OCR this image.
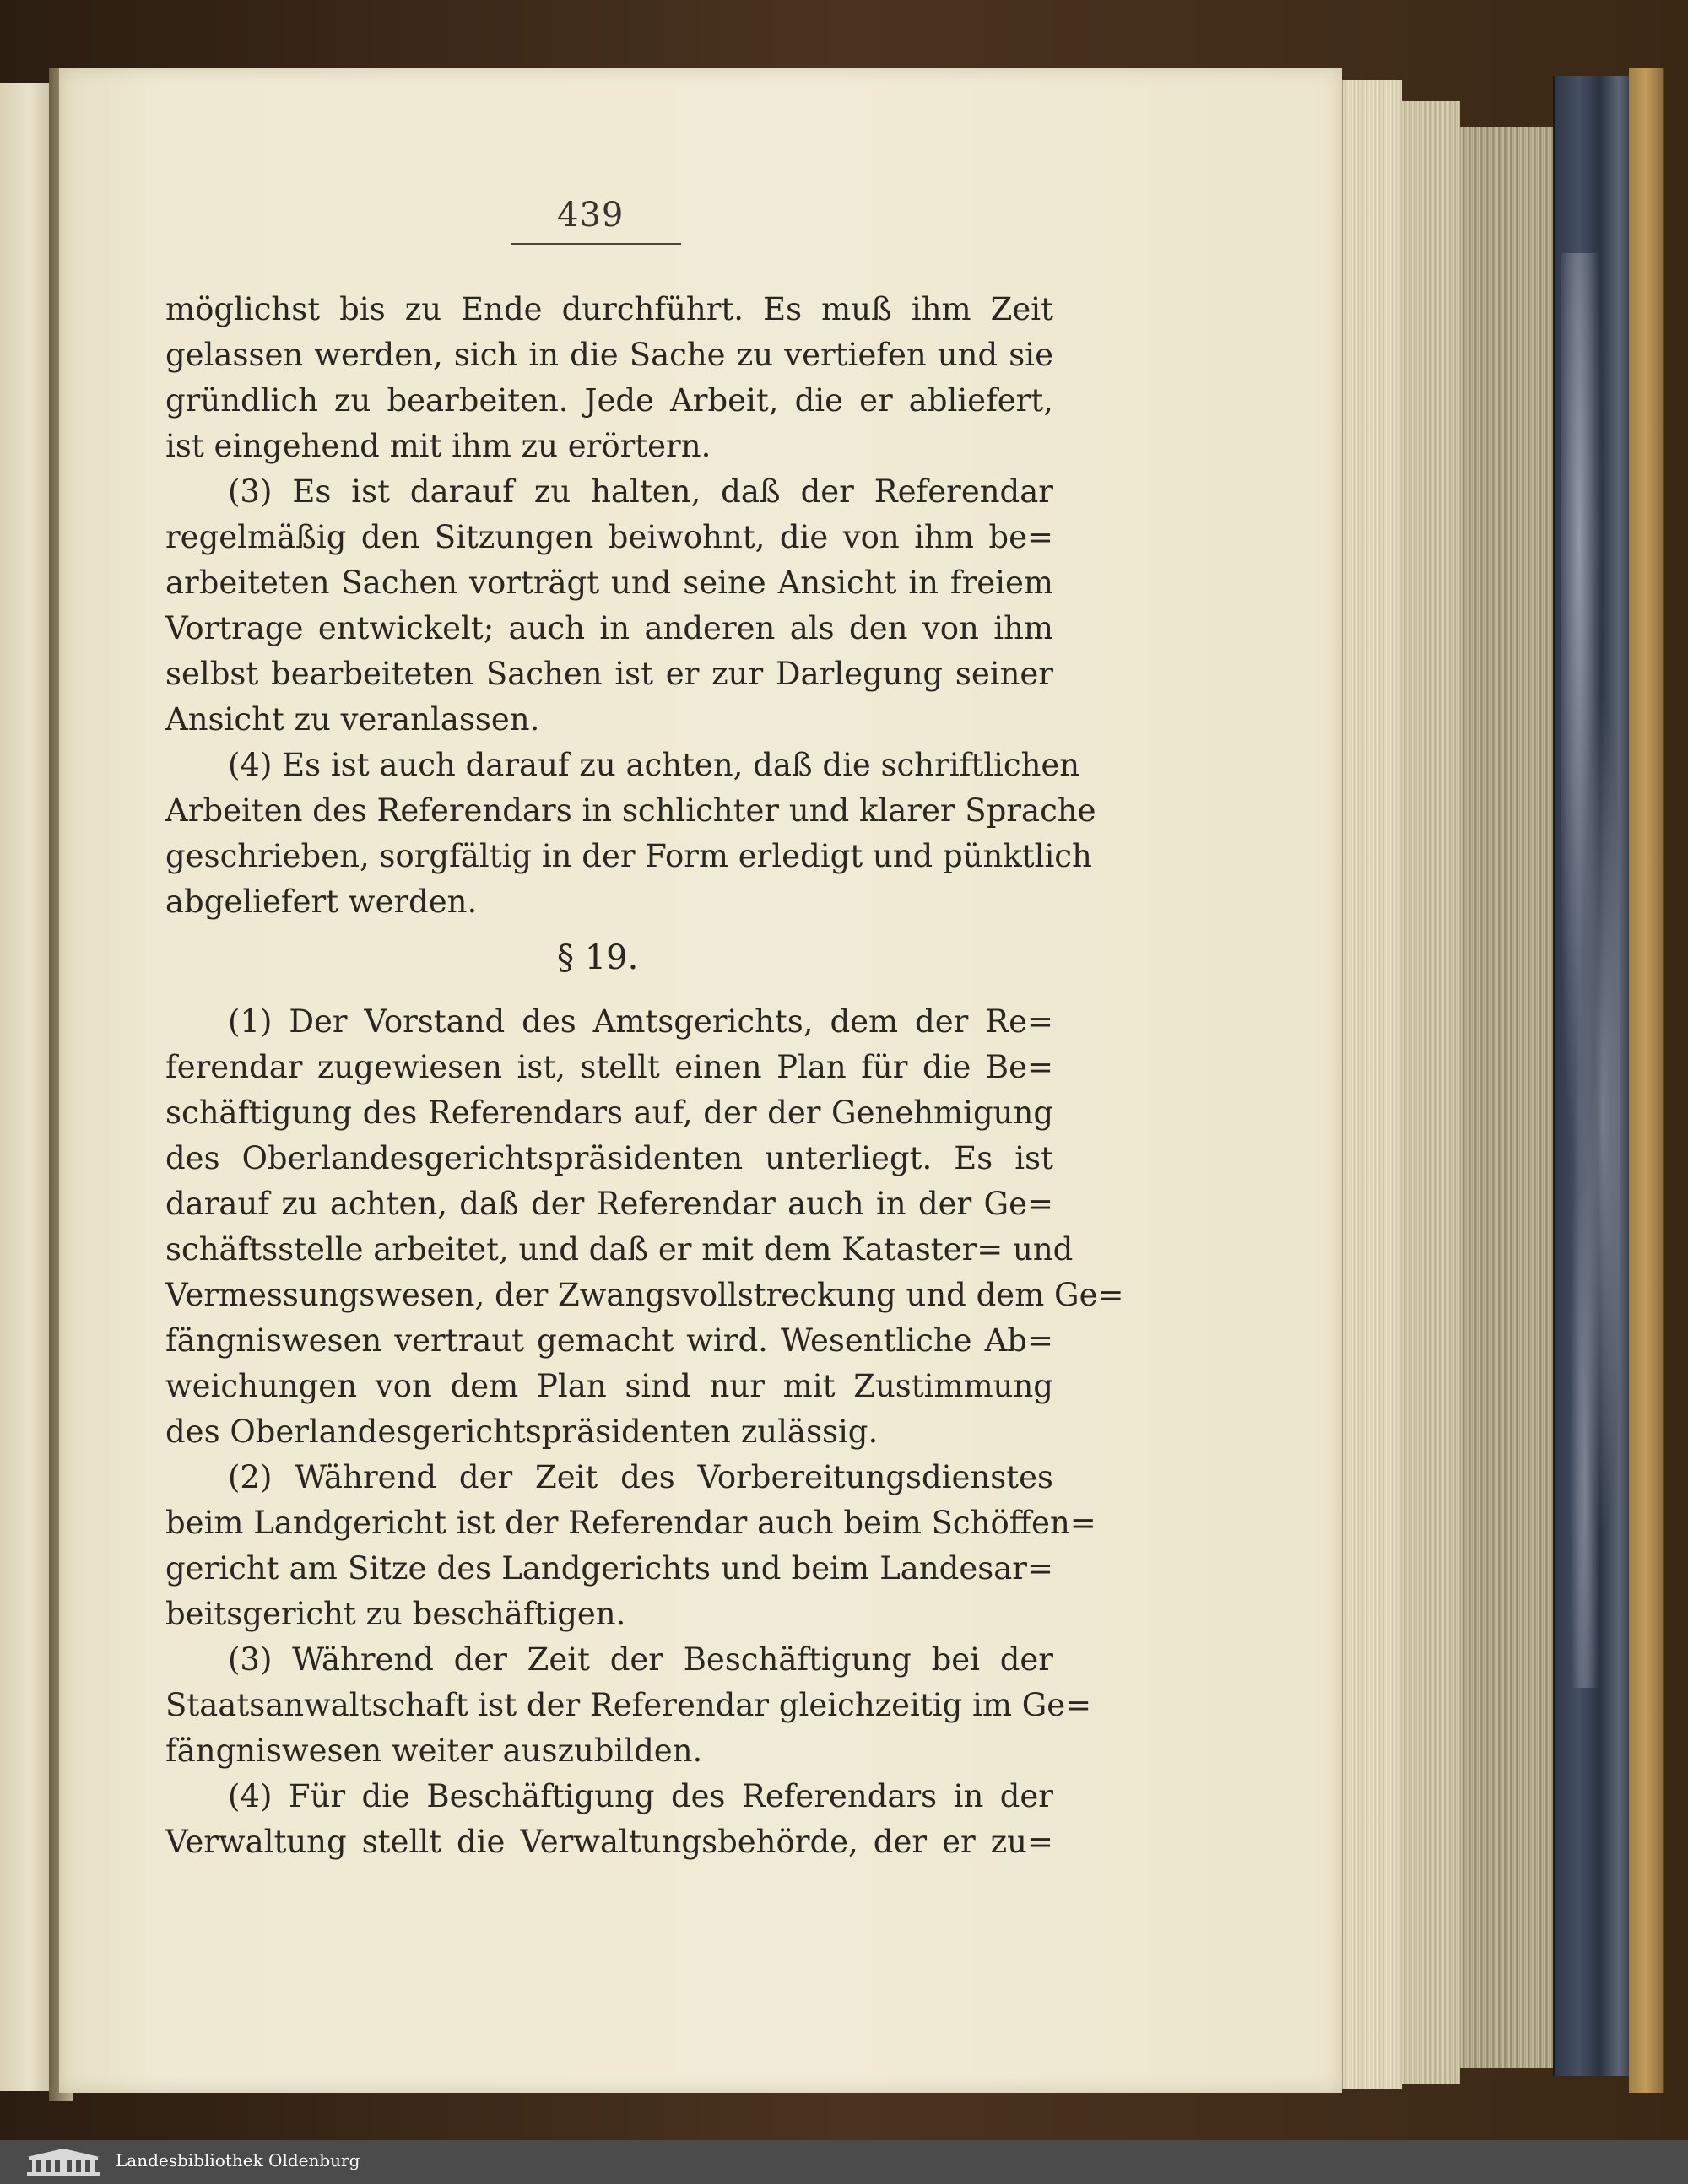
439
möglichst bis zu Ende durchführt. Es muß ihm Zeit
gelassen werden, sich in die Sache zu vertiefen und sie
gründlich zu bearbeiten. Jede Arbeit, die er abliefert,
ist eingehend mit ihm zu erörtern.
(3) Es ist darauf zu halten, daß der Referendar
regelmäßig den Sitzungen beiwohnt, die von ihm be=
arbeiteten Sachen vorträgt und seine Ansicht in freiem
Vortrage entwickelt; auch in anderen als den von ihm
selbst bearbeiteten Sachen ist er zur Darlegung seiner
Ansicht zu veranlassen.
(4) Es ist auch darauf zu achten, daß die schriftlichen
Arbeiten des Referendars in schlichter und klarer Sprache
geschrieben, sorgfältig in der Form erledigt und pünktlich
abgeliefert werden.
§ 19.
(1) Der Vorstand des Amtsgerichts, dem der Re=
ferendar zugewiesen ist, stellt einen Plan für die Be=
schäftigung des Referendars auf, der der Genehmigung
des Oberlandesgerichtspräsidenten unterliegt. Es ist
darauf zu achten, daß der Referendar auch in der Ge=
schäftsstelle arbeitet, und daß er mit dem Kataster= und
Vermessungswesen, der Zwangsvollstreckung und dem Ge=
fängniswesen vertraut gemacht wird. Wesentliche Ab=
weichungen von dem Plan sind nur mit Zustimmung
des Oberlandesgerichtspräsidenten zulässig.
(2) Während der Zeit des Vorbereitungsdienstes
beim Landgericht ist der Referendar auch beim Schöffen=
gericht am Sitze des Landgerichts und beim Landesar=
beitsgericht zu beschäftigen.
(3) Während der Zeit der Beschäftigung bei der
Staatsanwaltschaft ist der Referendar gleichzeitig im Ge=
fängniswesen weiter auszubilden.
(4) Für die Beschäftigung des Referendars in der
Verwaltung stellt die Verwaltungsbehörde, der er zu=
Landesbibliothek Oldenburg
